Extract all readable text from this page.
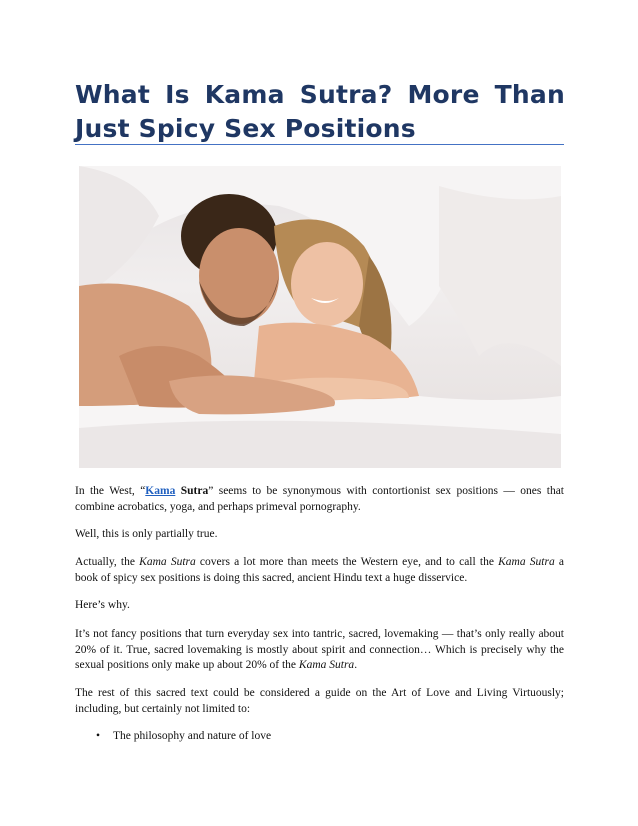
What Is Kama Sutra? More Than Just Spicy Sex Positions

In the West, “Kama Sutra” seems to be synonymous with contortionist sex positions — ones that combine acrobatics, yoga, and perhaps primeval pornography.

Well, this is only partially true.

Actually, the Kama Sutra covers a lot more than meets the Western eye, and to call the Kama Sutra a book of spicy sex positions is doing this sacred, ancient Hindu text a huge disservice.

Here’s why.

It’s not fancy positions that turn everyday sex into tantric, sacred, lovemaking — that’s only really about 20% of it. True, sacred lovemaking is mostly about spirit and connection… Which is precisely why the sexual positions only make up about 20% of the Kama Sutra.

The rest of this sacred text could be considered a guide on the Art of Love and Living Virtuously; including, but certainly not limited to:

• The philosophy and nature of love
